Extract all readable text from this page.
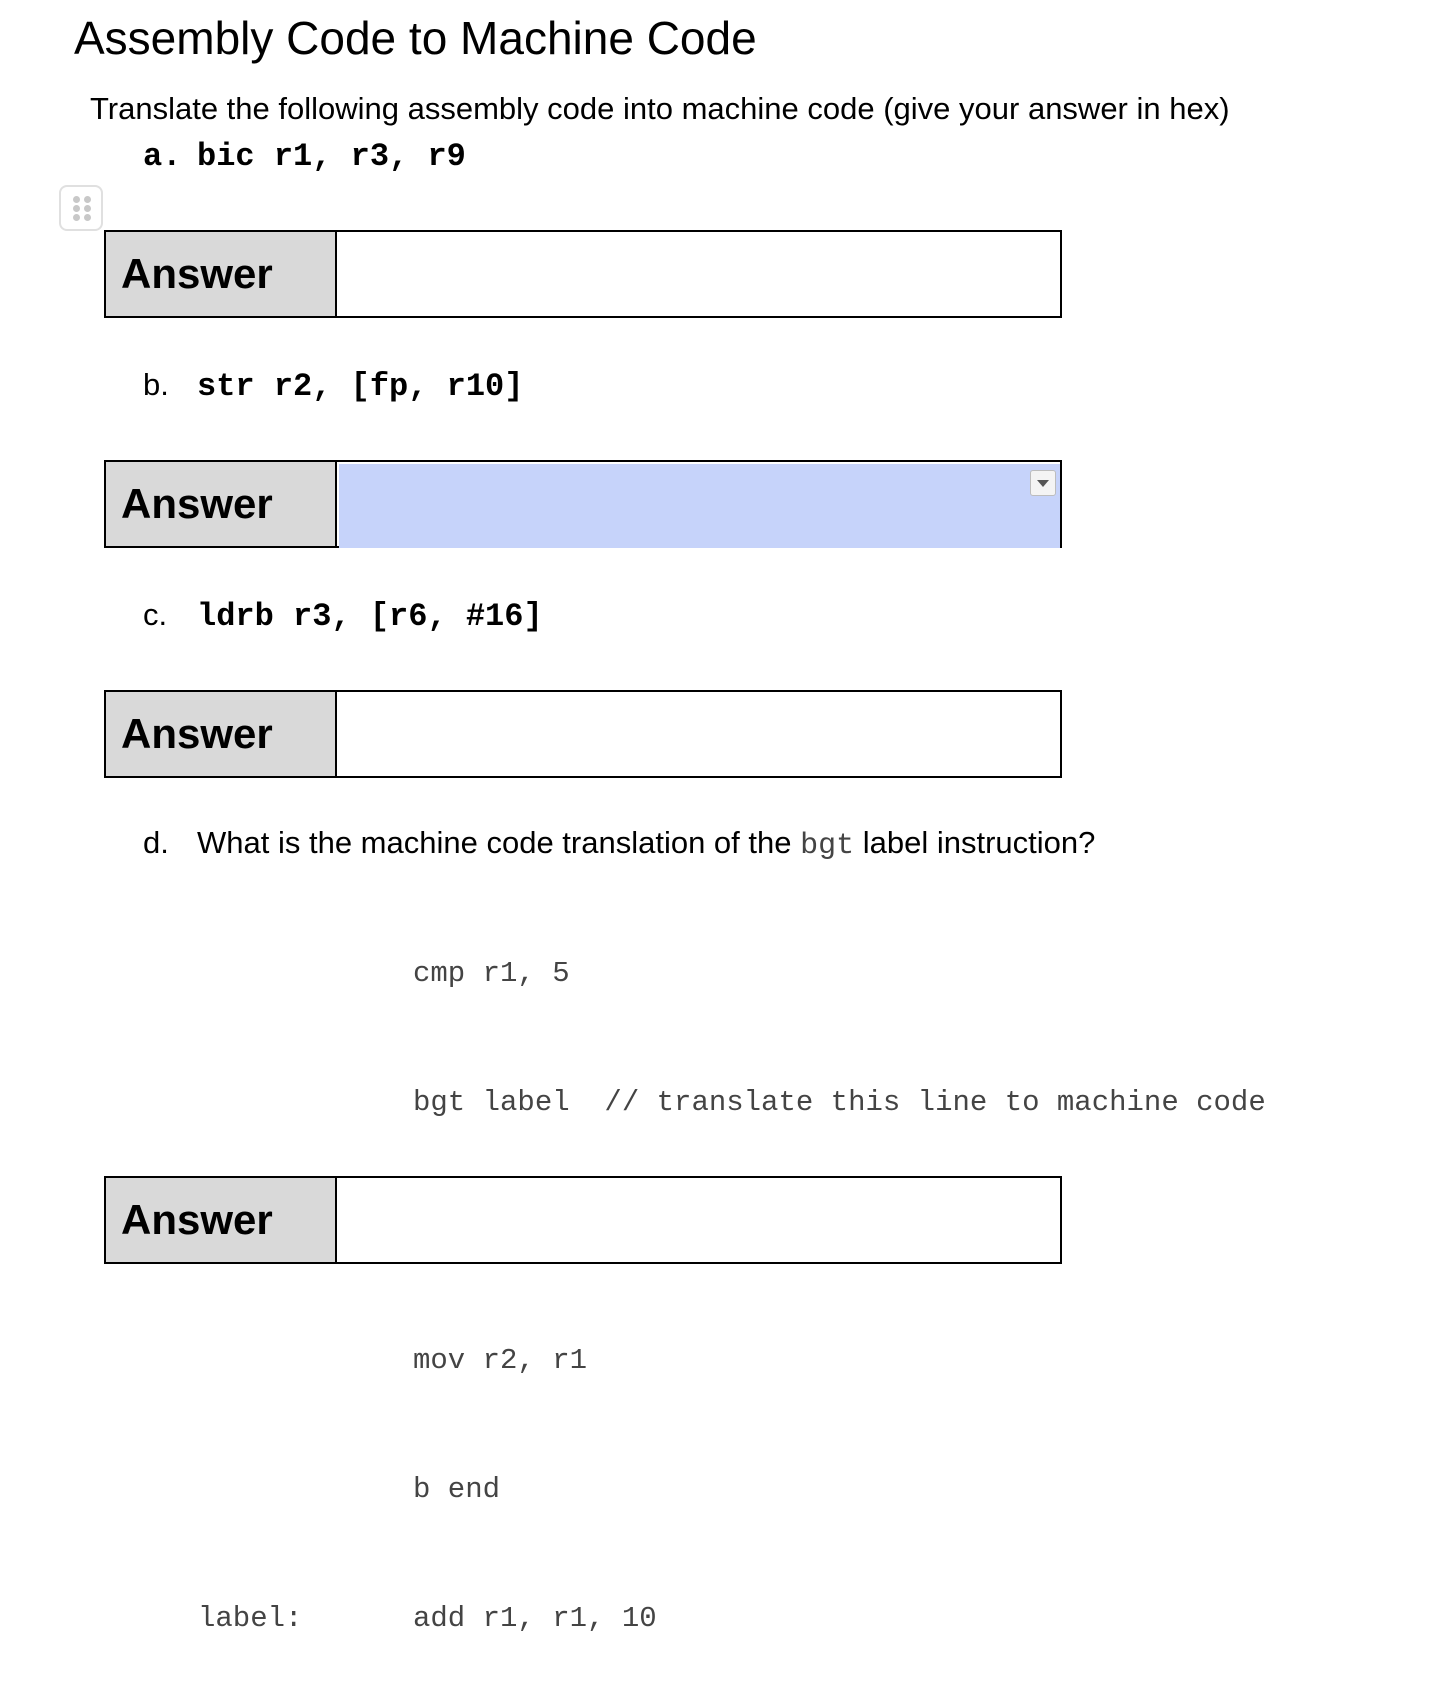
Assembly Code to Machine Code
Translate the following assembly code into machine code (give your answer in hex)
a. bic r1, r3, r9
Answer
b. str r2, [fp, r10]
Answer
c. ldrb r3, [r6, #16]
Answer
d. What is the machine code translation of the bgt label instruction?

cmp r1, 5

bgt label  // translate this line to machine code

mov r2, r1

b end

label:	add r1, r1, 10

Answer
